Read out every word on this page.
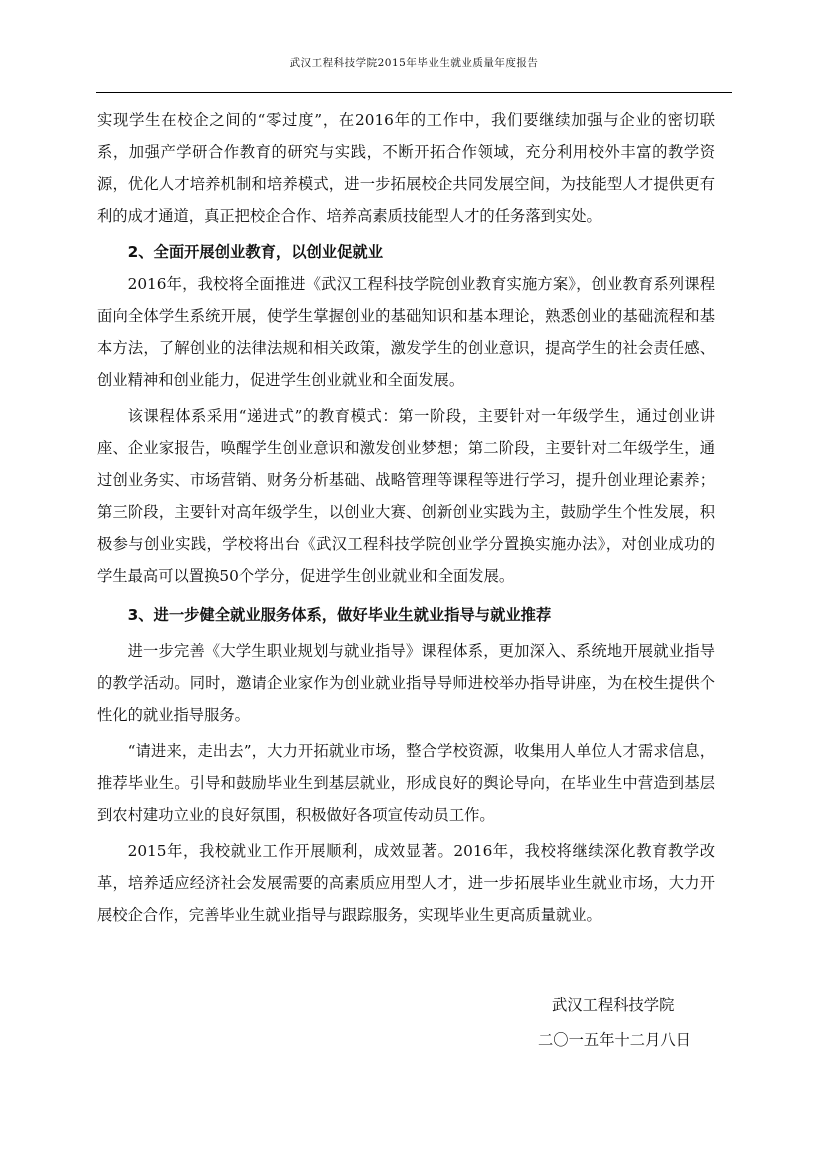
武汉工程科技学院2015年毕业生就业质量年度报告

实现学生在校企之间的“零过度”，在2016年的工作中，我们要继续加强与企业的密切联系，加强产学研合作教育的研究与实践，不断开拓合作领域，充分利用校外丰富的教学资源，优化人才培养机制和培养模式，进一步拓展校企共同发展空间，为技能型人才提供更有利的成才通道，真正把校企合作、培养高素质技能型人才的任务落到实处。

2、全面开展创业教育，以创业促就业

2016年，我校将全面推进《武汉工程科技学院创业教育实施方案》，创业教育系列课程面向全体学生系统开展，使学生掌握创业的基础知识和基本理论，熟悉创业的基础流程和基本方法，了解创业的法律法规和相关政策，激发学生的创业意识，提高学生的社会责任感、创业精神和创业能力，促进学生创业就业和全面发展。

该课程体系采用“递进式”的教育模式：第一阶段，主要针对一年级学生，通过创业讲座、企业家报告，唤醒学生创业意识和激发创业梦想；第二阶段，主要针对二年级学生，通过创业务实、市场营销、财务分析基础、战略管理等课程等进行学习，提升创业理论素养；第三阶段，主要针对高年级学生，以创业大赛、创新创业实践为主，鼓励学生个性发展，积极参与创业实践，学校将出台《武汉工程科技学院创业学分置换实施办法》，对创业成功的学生最高可以置换50个学分，促进学生创业就业和全面发展。

3、进一步健全就业服务体系，做好毕业生就业指导与就业推荐

进一步完善《大学生职业规划与就业指导》课程体系，更加深入、系统地开展就业指导的教学活动。同时，邀请企业家作为创业就业指导导师进校举办指导讲座，为在校生提供个性化的就业指导服务。

“请进来，走出去”，大力开拓就业市场，整合学校资源，收集用人单位人才需求信息，推荐毕业生。引导和鼓励毕业生到基层就业，形成良好的舆论导向，在毕业生中营造到基层到农村建功立业的良好氛围，积极做好各项宣传动员工作。

2015年，我校就业工作开展顺利，成效显著。2016年，我校将继续深化教育教学改革，培养适应经济社会发展需要的高素质应用型人才，进一步拓展毕业生就业市场，大力开展校企合作，完善毕业生就业指导与跟踪服务，实现毕业生更高质量就业。

武汉工程科技学院
二〇一五年十二月八日
